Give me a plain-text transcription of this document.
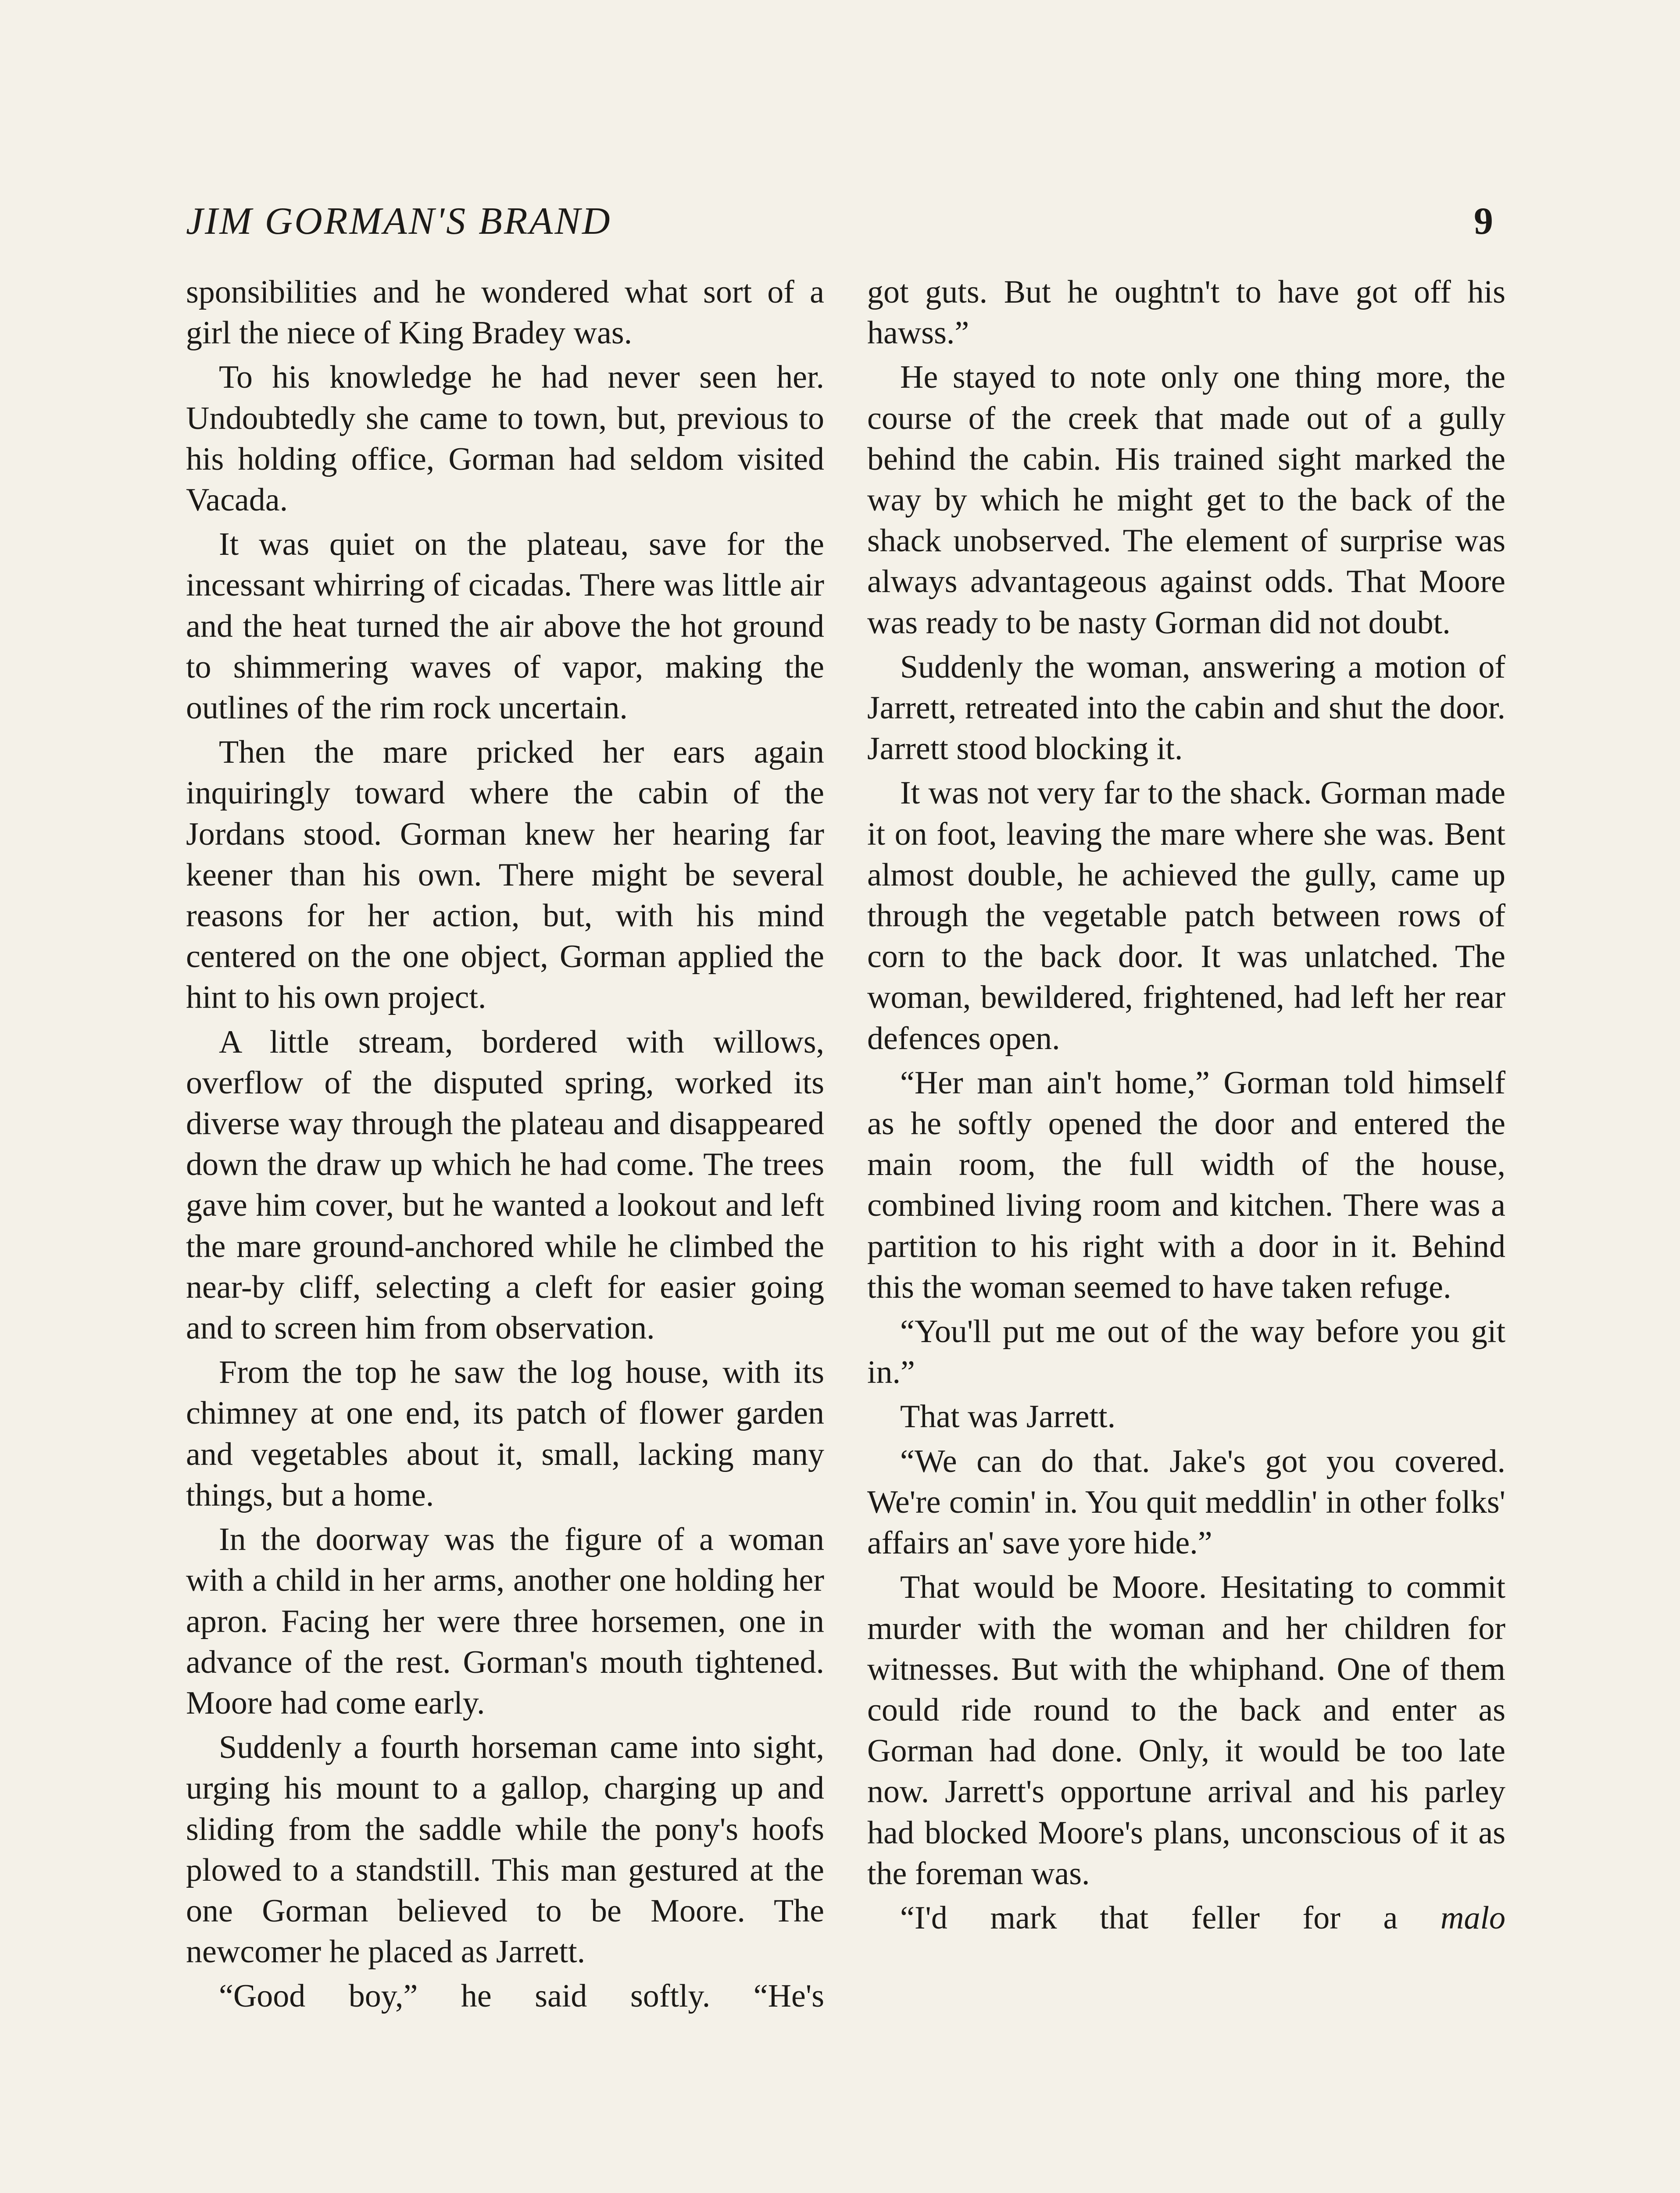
JIM GORMAN'S BRAND	9

sponsibilities and he wondered what sort of a girl the niece of King Bradey was.

To his knowledge he had never seen her. Undoubtedly she came to town, but, previous to his holding office, Gorman had seldom visited Vacada.

It was quiet on the plateau, save for the incessant whirring of cicadas. There was little air and the heat turned the air above the hot ground to shimmering waves of vapor, making the outlines of the rim rock uncertain.

Then the mare pricked her ears again inquiringly toward where the cabin of the Jordans stood. Gorman knew her hearing far keener than his own. There might be several reasons for her action, but, with his mind centered on the one object, Gorman applied the hint to his own project.

A little stream, bordered with willows, overflow of the disputed spring, worked its diverse way through the plateau and disappeared down the draw up which he had come. The trees gave him cover, but he wanted a lookout and left the mare ground-anchored while he climbed the near-by cliff, selecting a cleft for easier going and to screen him from observation.

From the top he saw the log house, with its chimney at one end, its patch of flower garden and vegetables about it, small, lacking many things, but a home.

In the doorway was the figure of a woman with a child in her arms, another one holding her apron. Facing her were three horsemen, one in advance of the rest. Gorman's mouth tightened. Moore had come early.

Suddenly a fourth horseman came into sight, urging his mount to a gallop, charging up and sliding from the saddle while the pony's hoofs plowed to a standstill. This man gestured at the one Gorman believed to be Moore. The newcomer he placed as Jarrett.

“Good boy,” he said softly. “He's

got guts. But he oughtn't to have got off his hawss.”

He stayed to note only one thing more, the course of the creek that made out of a gully behind the cabin. His trained sight marked the way by which he might get to the back of the shack unobserved. The element of surprise was always advantageous against odds. That Moore was ready to be nasty Gorman did not doubt.

Suddenly the woman, answering a motion of Jarrett, retreated into the cabin and shut the door. Jarrett stood blocking it.

It was not very far to the shack. Gorman made it on foot, leaving the mare where she was. Bent almost double, he achieved the gully, came up through the vegetable patch between rows of corn to the back door. It was unlatched. The woman, bewildered, frightened, had left her rear defences open.

“Her man ain't home,” Gorman told himself as he softly opened the door and entered the main room, the full width of the house, combined living room and kitchen. There was a partition to his right with a door in it. Behind this the woman seemed to have taken refuge.

“You'll put me out of the way before you git in.”

That was Jarrett.

“We can do that. Jake's got you covered. We're comin' in. You quit meddlin' in other folks' affairs an' save yore hide.”

That would be Moore. Hesitating to commit murder with the woman and her children for witnesses. But with the whiphand. One of them could ride round to the back and enter as Gorman had done. Only, it would be too late now. Jarrett's opportune arrival and his parley had blocked Moore's plans, unconscious of it as the foreman was.

“I'd mark that feller for a malo
